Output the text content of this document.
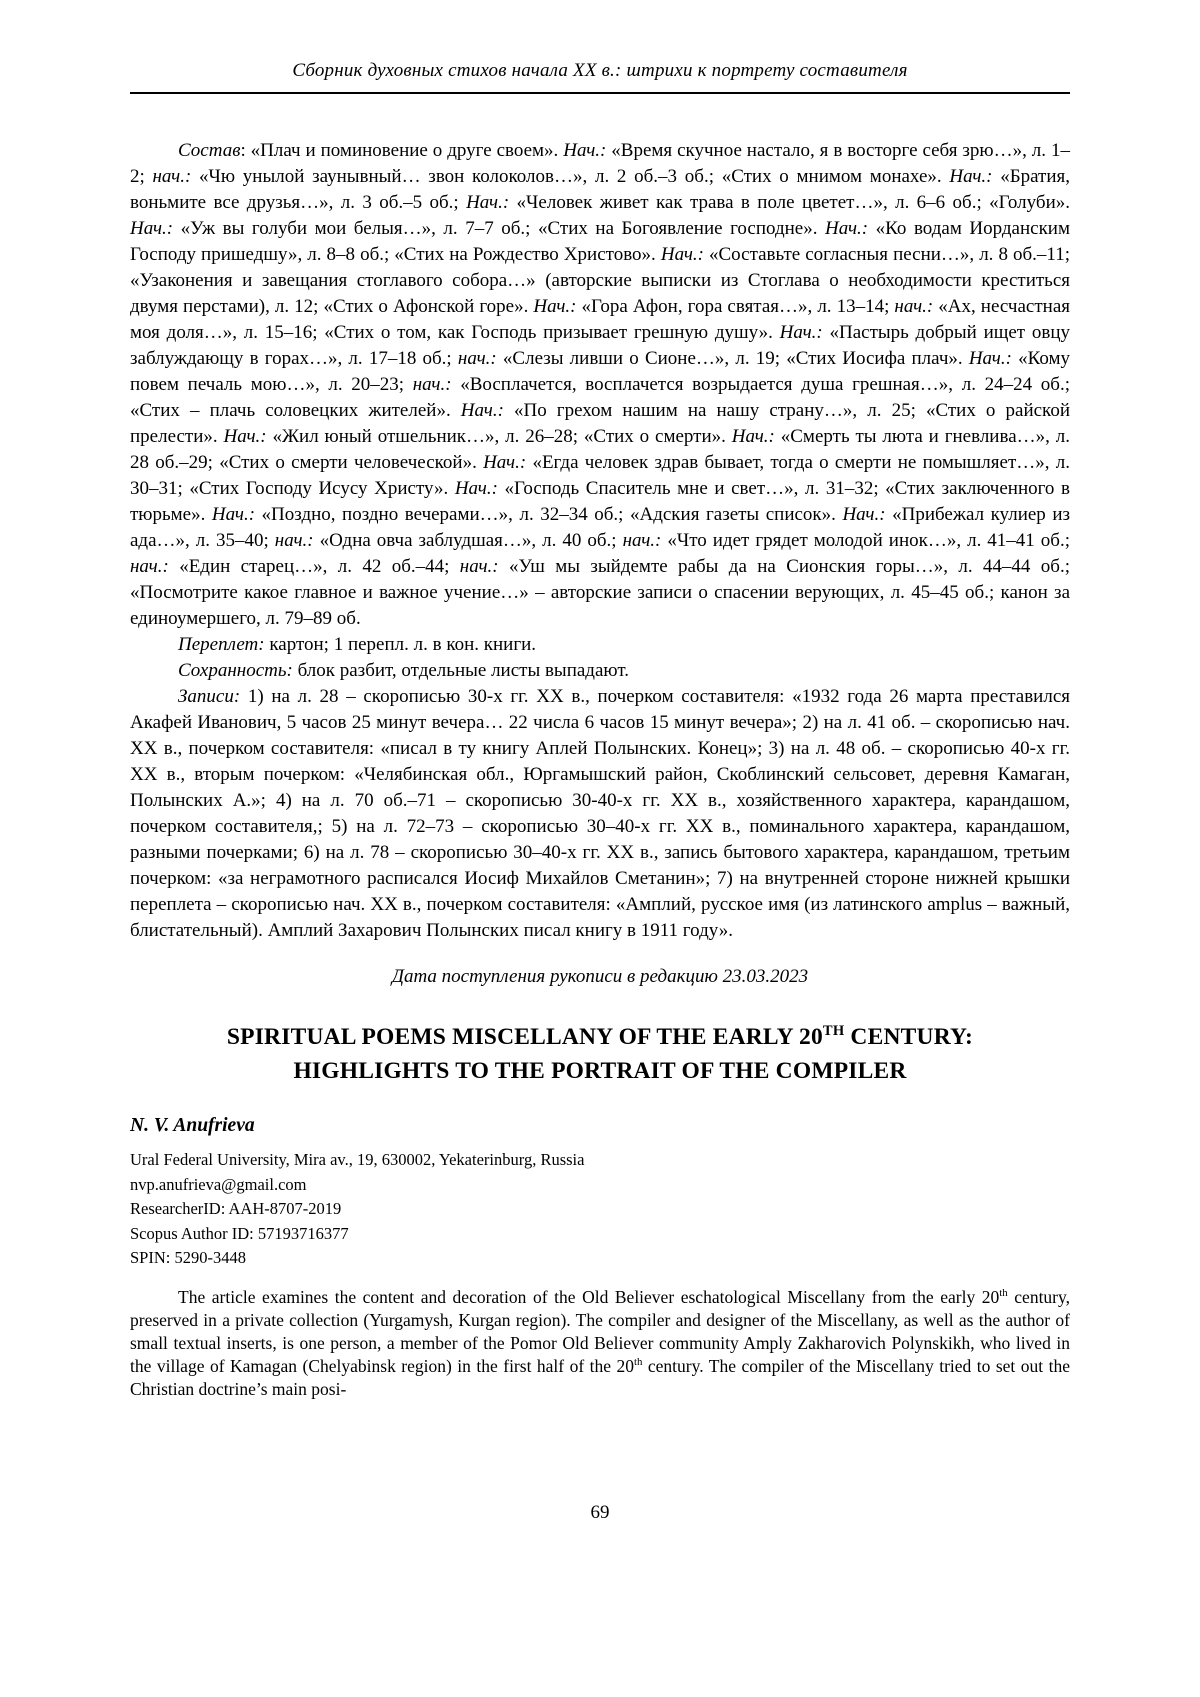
Сборник духовных стихов начала XX в.: штрихи к портрету составителя

Состав: «Плач и поминовение о друге своем». Нач.: «Время скучное настало, я в восторге себя зрю…», л. 1–2; нач.: «Чю унылой заунывный… звон колоколов…», л. 2 об.–3 об.; «Стих о мнимом монахе». Нач.: «Братия, воньмите все друзья…», л. 3 об.–5 об.; Нач.: «Человек живет как трава в поле цветет…», л. 6–6 об.; «Голуби». Нач.: «Уж вы голуби мои белыя…», л. 7–7 об.; «Стих на Богоявление господне». Нач.: «Ко водам Иорданским Господу пришедшу», л. 8–8 об.; «Стих на Рождество Христово». Нач.: «Составьте согласныя песни…», л. 8 об.–11; «Узаконения и завещания стоглавого собора…» (авторские выписки из Стоглава о необходимости креститься двумя перстами), л. 12; «Стих о Афонской горе». Нач.: «Гора Афон, гора святая…», л. 13–14; нач.: «Ах, несчастная моя доля…», л. 15–16; «Стих о том, как Господь призывает грешную душу». Нач.: «Пастырь добрый ищет овцу заблуждающу в горах…», л. 17–18 об.; нач.: «Слезы ливши о Сионе…», л. 19; «Стих Иосифа плач». Нач.: «Кому повем печаль мою…», л. 20–23; нач.: «Восплачется, восплачется возрыдается душа грешная…», л. 24–24 об.; «Стих – плачь соловецких жителей». Нач.: «По грехом нашим на нашу страну…», л. 25; «Стих о райской прелести». Нач.: «Жил юный отшельник…», л. 26–28; «Стих о смерти». Нач.: «Смерть ты люта и гневлива…», л. 28 об.–29; «Стих о смерти человеческой». Нач.: «Егда человек здрав бывает, тогда о смерти не помышляет…», л. 30–31; «Стих Господу Исусу Христу». Нач.: «Господь Спаситель мне и свет…», л. 31–32; «Стих заключенного в тюрьме». Нач.: «Поздно, поздно вечерами…», л. 32–34 об.; «Адския газеты список». Нач.: «Прибежал кулиер из ада…», л. 35–40; нач.: «Одна овча заблудшая…», л. 40 об.; нач.: «Что идет грядет молодой инок…», л. 41–41 об.; нач.: «Един старец…», л. 42 об.–44; нач.: «Уш мы зыйдемте рабы да на Сионския горы…», л. 44–44 об.; «Посмотрите какое главное и важное учение…» – авторские записи о спасении верующих, л. 45–45 об.; канон за единоумершего, л. 79–89 об.

Переплет: картон; 1 перепл. л. в кон. книги.

Сохранность: блок разбит, отдельные листы выпадают.

Записи: 1) на л. 28 – скорописью 30-х гг. XX в., почерком составителя: «1932 года 26 марта преставился Акафей Иванович, 5 часов 25 минут вечера… 22 числа 6 часов 15 минут вечера»; 2) на л. 41 об. – скорописью нач. XX в., почерком составителя: «писал в ту книгу Аплей Полынских. Конец»; 3) на л. 48 об. – скорописью 40-х гг. XX в., вторым почерком: «Челябинская обл., Юргамышский район, Скоблинский сельсовет, деревня Камаган, Полынских А.»; 4) на л. 70 об.–71 – скорописью 30-40-х гг. XX в., хозяйственного характера, карандашом, почерком составителя,; 5) на л. 72–73 – скорописью 30–40-х гг. XX в., поминального характера, карандашом, разными почерками; 6) на л. 78 – скорописью 30–40-х гг. XX в., запись бытового характера, карандашом, третьим почерком: «за неграмотного расписался Иосиф Михайлов Сметанин»; 7) на внутренней стороне нижней крышки переплета – скорописью нач. XX в., почерком составителя: «Амплий, русское имя (из латинского amplus – важный, блистательный). Амплий Захарович Полынских писал книгу в 1911 году».

Дата поступления рукописи в редакцию 23.03.2023

SPIRITUAL POEMS MISCELLANY OF THE EARLY 20TH CENTURY:
HIGHLIGHTS TO THE PORTRAIT OF THE COMPILER

N. V. Anufrieva

Ural Federal University, Mira av., 19, 630002, Yekaterinburg, Russia
nvp.anufrieva@gmail.com
ResearcherID: AAH-8707-2019
Scopus Author ID: 57193716377
SPIN: 5290-3448

The article examines the content and decoration of the Old Believer eschatological Miscellany from the early 20th century, preserved in a private collection (Yurgamysh, Kurgan region). The compiler and designer of the Miscellany, as well as the author of small textual inserts, is one person, a member of the Pomor Old Believer community Amply Zakharovich Polynskikh, who lived in the village of Kamagan (Chelyabinsk region) in the first half of the 20th century. The compiler of the Miscellany tried to set out the Christian doctrine’s main posi-

69
